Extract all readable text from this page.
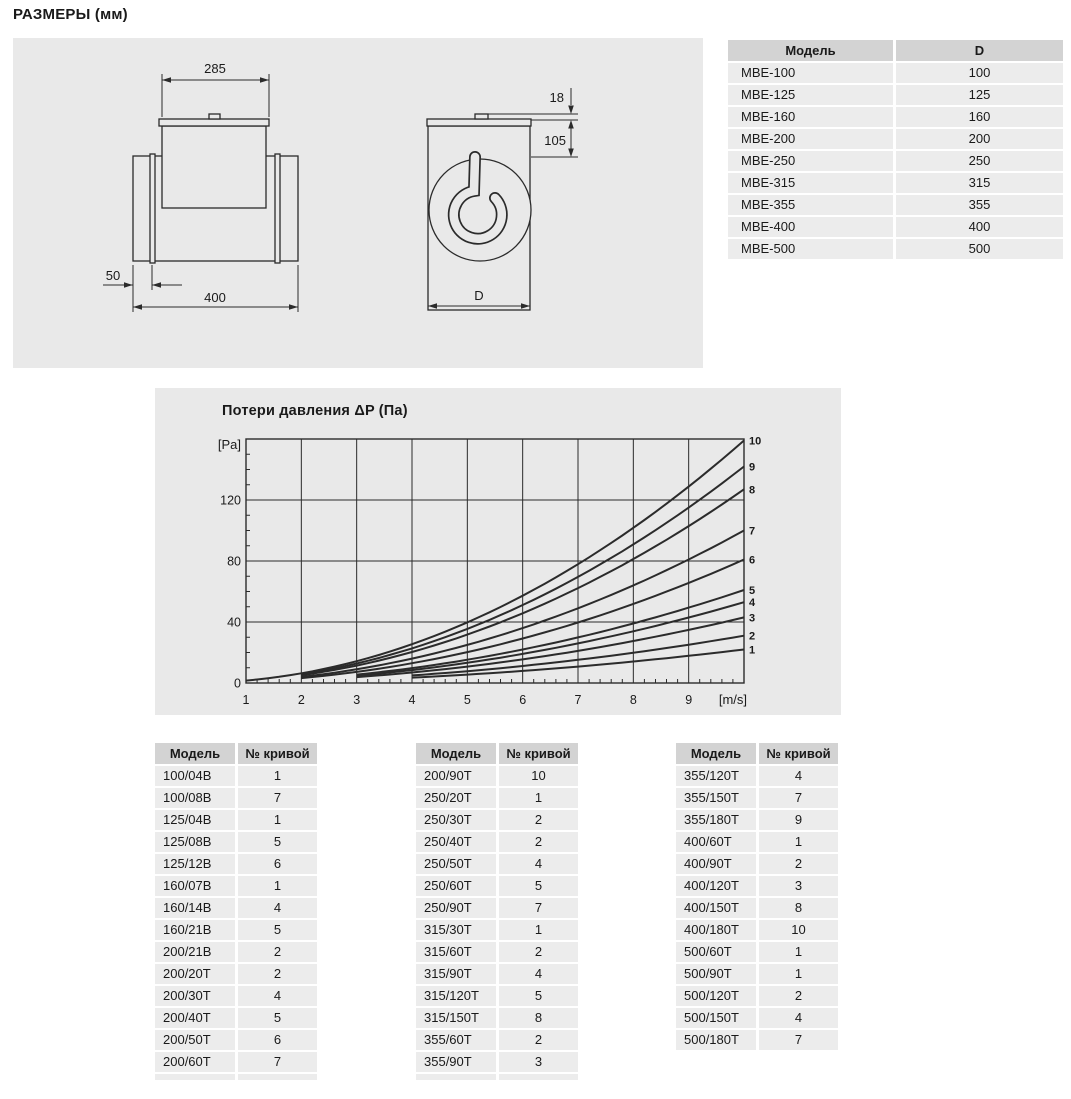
РАЗМЕРЫ (мм)
285
18
105
50
400	D
Модель	D
MBE-100	100
MBE-125	125
MBE-160	160
MBE-200	200
MBE-250	250
MBE-315	315
MBE-355	355
MBE-400	400
MBE-500	500
Потери давления ΔP (Па)
1
2
3
4
5
6
7
8
9
10
1	2	3	4	5	6	7	8	9
0
40
80
120
[m/s]
[Pa]
Модель	№ кривой
100/04B	1
100/08B	7
125/04B	1
125/08B	5
125/12B	6
160/07B	1
160/14B	4
160/21B	5
200/21B	2
200/20T	2
200/30T	4
200/40T	5
200/50T	6
200/60T	7
Модель	№ кривой
200/90T	10
250/20T	1
250/30T	2
250/40T	2
250/50T	4
250/60T	5
250/90T	7
315/30T	1
315/60T	2
315/90T	4
315/120T	5
315/150T	8
355/60T	2
355/90T	3
Модель	№ кривой
355/120T	4
355/150T	7
355/180T	9
400/60T	1
400/90T	2
400/120T	3
400/150T	8
400/180T	10
500/60T	1
500/90T	1
500/120T	2
500/150T	4
500/180T	7
